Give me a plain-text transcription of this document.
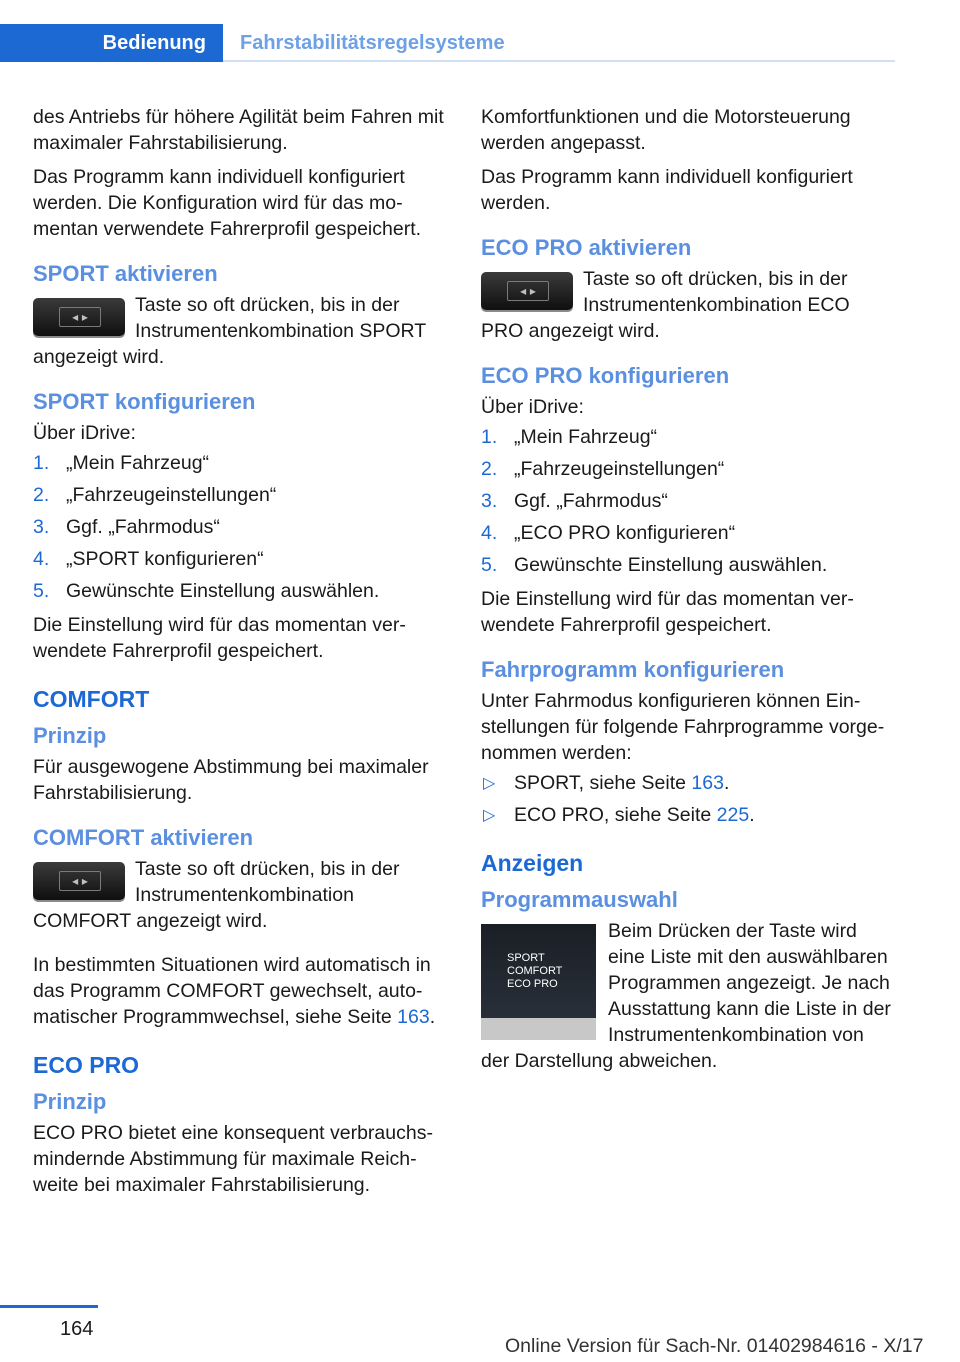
Bedienung	Fahrstabilitätsregelsysteme

des Antriebs für höhere Agilität beim Fahren mit maximaler Fahrstabilisierung.

Das Programm kann individuell konfiguriert werden. Die Konfiguration wird für das momentan verwendete Fahrerprofil gespeichert.

SPORT aktivieren
◂ ▸
Taste so oft drücken, bis in der Instrumentenkombination SPORT angezeigt wird.
SPORT konfigurieren

Über iDrive:

1. „Mein Fahrzeug“
2. „Fahrzeugeinstellungen“
3. Ggf. „Fahrmodus“
4. „SPORT konfigurieren“
5. Gewünschte Einstellung auswählen.

Die Einstellung wird für das momentan verwendete Fahrerprofil gespeichert.

COMFORT
Prinzip

Für ausgewogene Abstimmung bei maximaler Fahrstabilisierung.

COMFORT aktivieren
◂ ▸
Taste so oft drücken, bis in der Instrumentenkombination COMFORT angezeigt wird.

In bestimmten Situationen wird automatisch in das Programm COMFORT gewechselt, automatischer Programmwechsel, siehe Seite 163.

ECO PRO
Prinzip

ECO PRO bietet eine konsequent verbrauchsmindernde Abstimmung für maximale Reichweite bei maximaler Fahrstabilisierung.

Komfortfunktionen und die Motorsteuerung werden angepasst.

Das Programm kann individuell konfiguriert werden.

ECO PRO aktivieren
◂ ▸
Taste so oft drücken, bis in der Instrumentenkombination ECO PRO angezeigt wird.
ECO PRO konfigurieren

Über iDrive:

1. „Mein Fahrzeug“
2. „Fahrzeugeinstellungen“
3. Ggf. „Fahrmodus“
4. „ECO PRO konfigurieren“
5. Gewünschte Einstellung auswählen.

Die Einstellung wird für das momentan verwendete Fahrerprofil gespeichert.

Fahrprogramm konfigurieren

Unter Fahrmodus konfigurieren können Einstellungen für folgende Fahrprogramme vorgenommen werden:

▷ SPORT, siehe Seite 163.
▷ ECO PRO, siehe Seite 225.
Anzeigen
Programmauswahl
SPORT
COMFORT
ECO PRO
Beim Drücken der Taste wird eine Liste mit den auswählbaren Programmen angezeigt. Je nach Ausstattung kann die Liste in der Instrumentenkombination von der Darstellung abweichen.
164
Online Version für Sach-Nr. 01402984616 - X/17
